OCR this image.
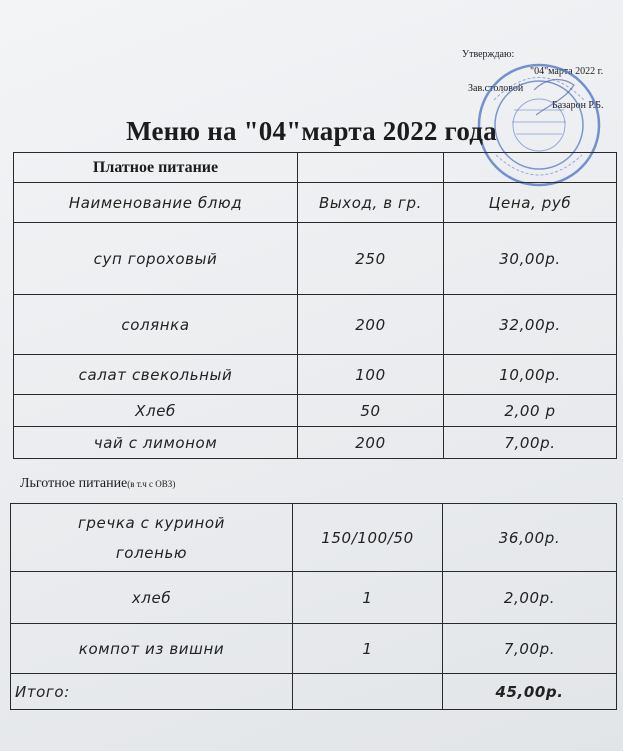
Утверждаю:
"04"марта 2022 г.
Зав.столовой
Базарон Р.Б.
Меню на "04"марта 2022 года
Платное питание		
Наименование блюд	Выход, в гр.	Цена, руб
суп гороховый	250	30,00р.
солянка	200	32,00р.
салат свекольный	100	10,00р.
Хлеб	50	2,00 р
чай с лимоном	200	7,00р.
Льготное питание(в т.ч с ОВЗ)
гречка с куриной
голенью	150/100/50	36,00р.
хлеб	1	2,00р.
компот из вишни	1	7,00р.
Итого:		45,00р.
